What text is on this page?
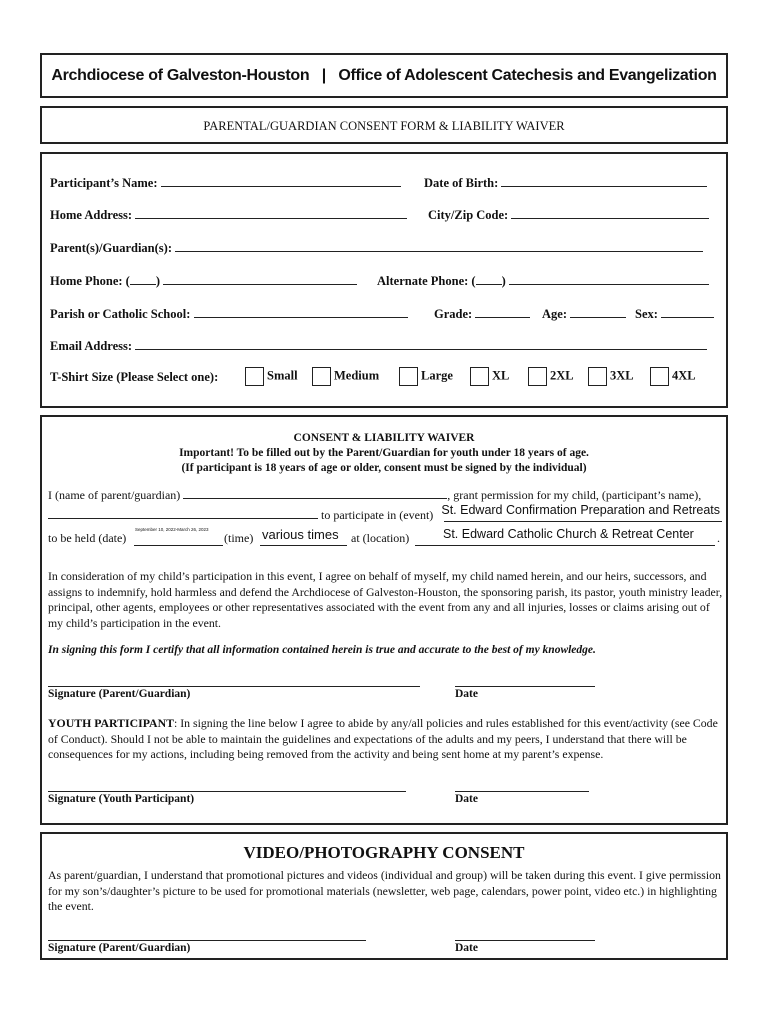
Archdiocese of Galveston-Houston   |   Office of Adolescent Catechesis and Evangelization
PARENTAL/GUARDIAN CONSENT FORM & LIABILITY WAIVER
Participant’s Name:	Date of Birth:
Home Address:	City/Zip Code:
Parent(s)/Guardian(s):
Home Phone: ( )	Alternate Phone: ( )
Parish or Catholic School:	Grade:	Age:	Sex:
Email Address:
T-Shirt Size (Please Select one):	Small	Medium	Large	XL	2XL	3XL	4XL
CONSENT & LIABILITY WAIVER
Important! To be filled out by the Parent/Guardian for youth under 18 years of age.
(If participant is 18 years of age or older, consent must be signed by the individual)
I (name of parent/guardian)	, grant permission for my child, (participant’s name),
to participate in (event) St. Edward Confirmation Preparation and Retreats
to be held (date)
September 10, 2022-March 26, 2023
(time) various times at (location)	St. Edward Catholic Church & Retreat Center .
In consideration of my child’s participation in this event, I agree on behalf of myself, my child named herein, and our heirs, successors, and assigns to indemnify, hold harmless and defend the Archdiocese of Galveston-Houston, the sponsoring parish, its pastor, youth ministry leader, principal, other agents, employees or other representatives associated with the event from any and all injuries, losses or claims arising out of my child’s participation in the event.
In signing this form I certify that all information contained herein is true and accurate to the best of my knowledge.
Signature (Parent/Guardian)	Date
YOUTH PARTICIPANT: In signing the line below I agree to abide by any/all policies and rules established for this event/activity (see Code of Conduct). Should I not be able to maintain the guidelines and expectations of the adults and my peers, I understand that there will be consequences for my actions, including being removed from the activity and being sent home at my parent’s expense.
Signature (Youth Participant)	Date
VIDEO/PHOTOGRAPHY CONSENT
As parent/guardian, I understand that promotional pictures and videos (individual and group) will be taken during this event. I give permission for my son’s/daughter’s picture to be used for promotional materials (newsletter, web page, calendars, power point, video etc.) in highlighting the event.
Signature (Parent/Guardian)	Date
